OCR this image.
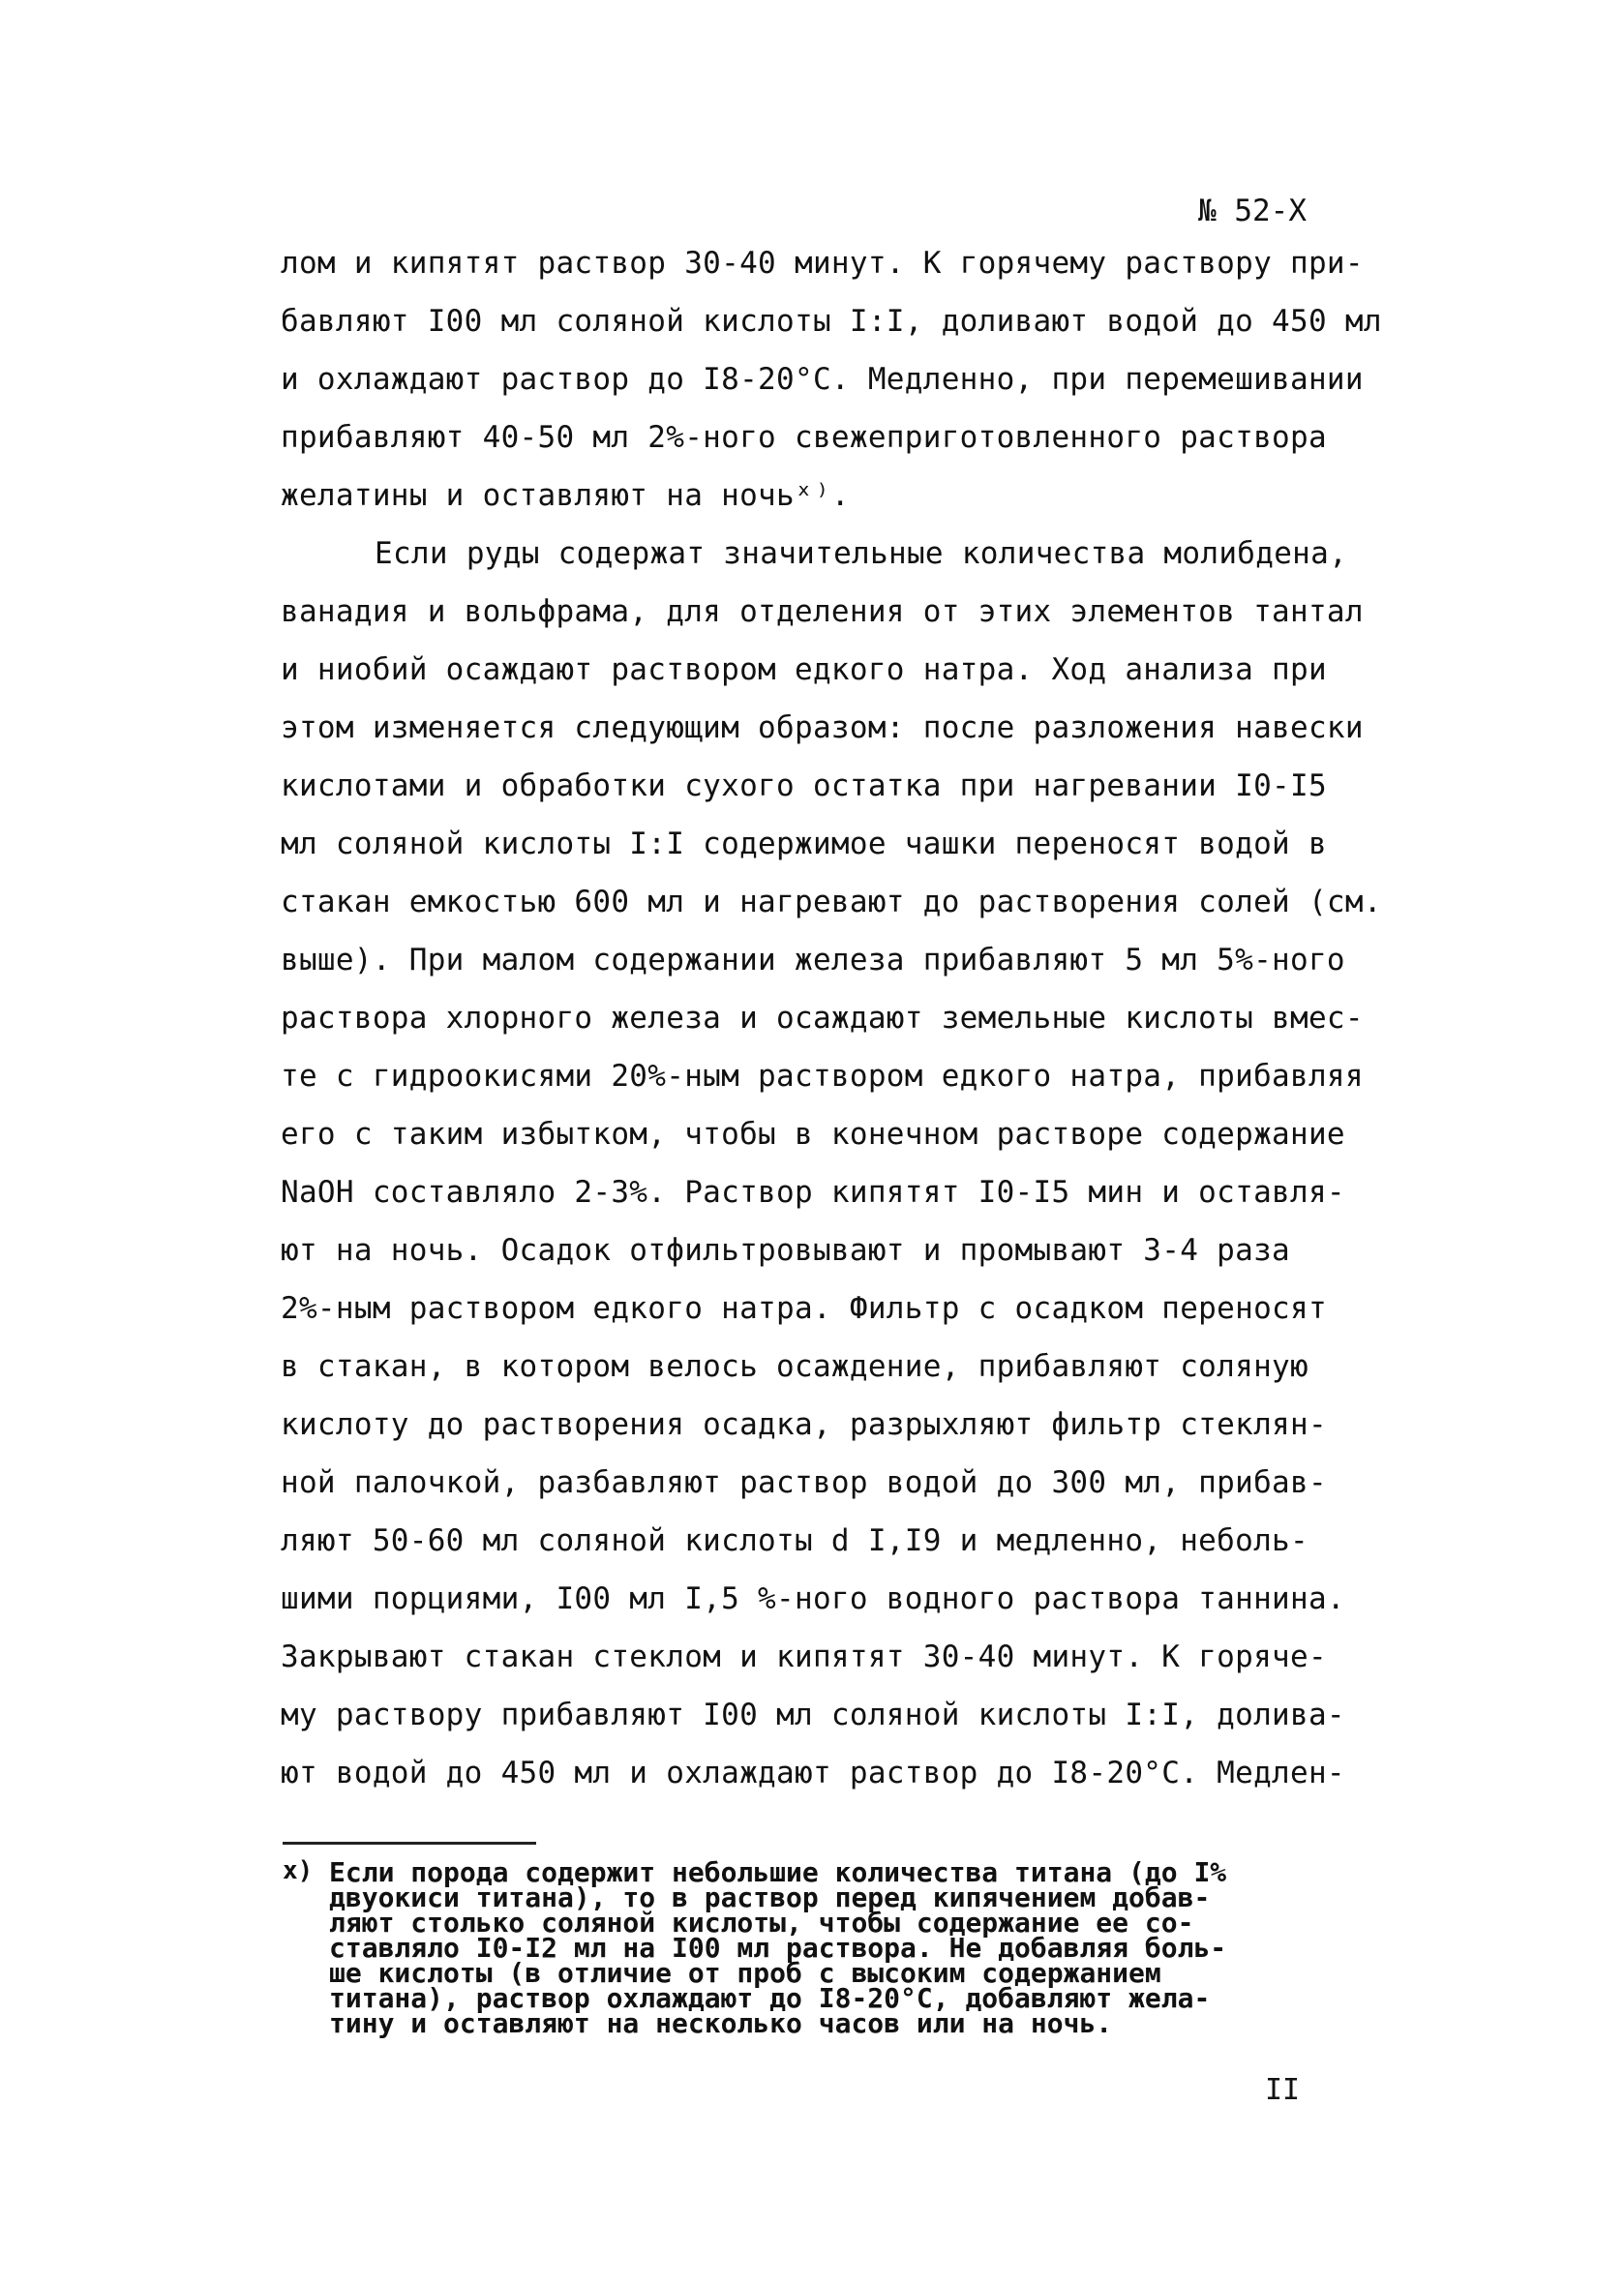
№ 52-Х
лом и кипятят раствор 30-40 минут. К горячему раствору при-
бавляют I00 мл соляной кислоты I:I, доливают водой до 450 мл
и охлаждают раствор до I8-20°С. Медленно, при перемешивании
прибавляют 40-50 мл 2%-ного свежеприготовленного раствора
желатины и оставляют на ночьˣ⁾.
Если руды содержат значительные количества молибдена,
ванадия и вольфрама, для отделения от этих элементов тантал
и ниобий осаждают раствором едкого натра. Ход анализа при
этом изменяется следующим образом: после разложения навески
кислотами и обработки сухого остатка при нагревании I0-I5
мл соляной кислоты I:I содержимое чашки переносят водой в
стакан емкостью 600 мл и нагревают до растворения солей (см.
выше). При малом содержании железа прибавляют 5 мл 5%-ного
раствора хлорного железа и осаждают земельные кислоты вмес-
те с гидроокисями 20%-ным раствором едкого натра, прибавляя
его с таким избытком, чтобы в конечном растворе содержание
NaOH составляло 2-3%. Раствор кипятят I0-I5 мин и оставля-
ют на ночь. Осадок отфильтровывают и промывают 3-4 раза
2%-ным раствором едкого натра. Фильтр с осадком переносят
в стакан, в котором велось осаждение, прибавляют соляную
кислоту до растворения осадка, разрыхляют фильтр стеклян-
ной палочкой, разбавляют раствор водой до 300 мл, прибав-
ляют 50-60 мл соляной кислоты d I,I9 и медленно, неболь-
шими порциями, I00 мл I,5 %-ного водного раствора таннина.
Закрывают стакан стеклом и кипятят 30-40 минут. К горяче-
му раствору прибавляют I00 мл соляной кислоты I:I, долива-
ют водой до 450 мл и охлаждают раствор до I8-20°С. Медлен-
x) Если порода содержит небольшие количества титана (до I%
двуокиси титана), то в раствор перед кипячением добав-
ляют столько соляной кислоты, чтобы содержание ее со-
ставляло I0-I2 мл на I00 мл раствора. Не добавляя боль-
ше кислоты (в отличие от проб с высоким содержанием
титана), раствор охлаждают до I8-20°С, добавляют жела-
тину и оставляют на несколько часов или на ночь.
II
